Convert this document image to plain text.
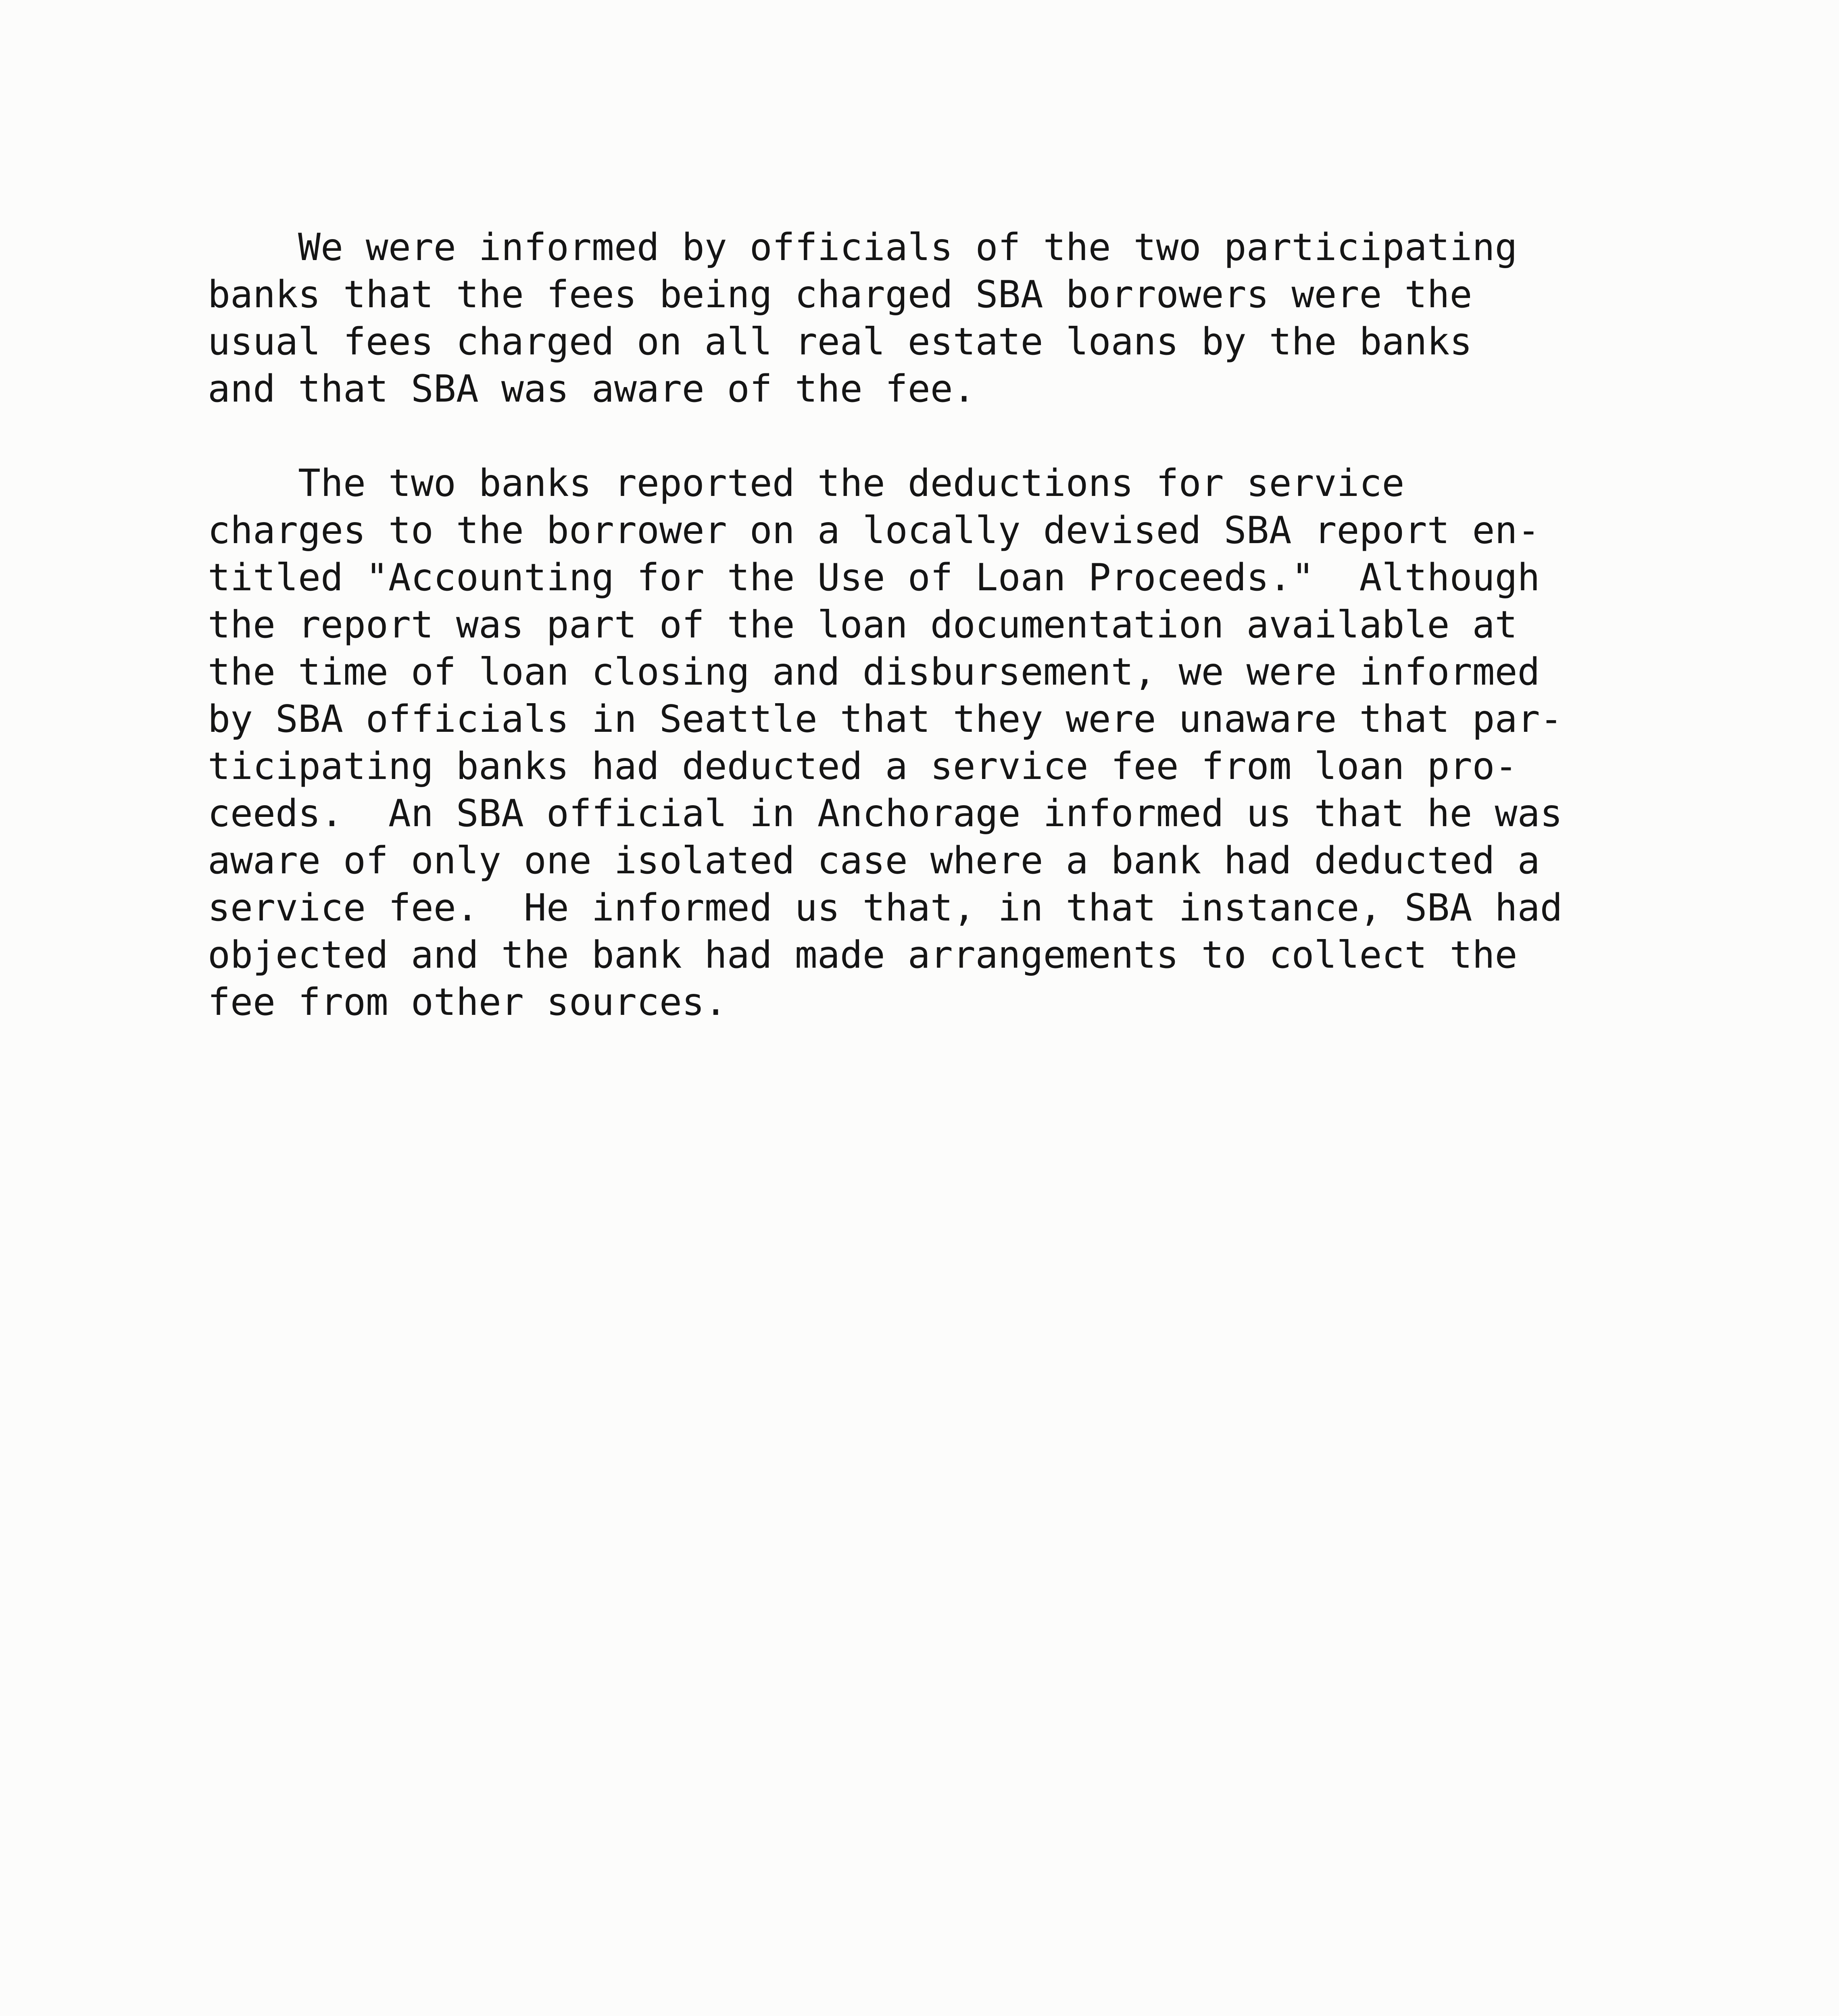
We were informed by officials of the two participating
banks that the fees being charged SBA borrowers were the
usual fees charged on all real estate loans by the banks
and that SBA was aware of the fee.
The two banks reported the deductions for service
charges to the borrower on a locally devised SBA report en-
titled "Accounting for the Use of Loan Proceeds."  Although
the report was part of the loan documentation available at
the time of loan closing and disbursement, we were informed
by SBA officials in Seattle that they were unaware that par-
ticipating banks had deducted a service fee from loan pro-
ceeds.  An SBA official in Anchorage informed us that he was
aware of only one isolated case where a bank had deducted a
service fee.  He informed us that, in that instance, SBA had
objected and the bank had made arrangements to collect the
fee from other sources.
